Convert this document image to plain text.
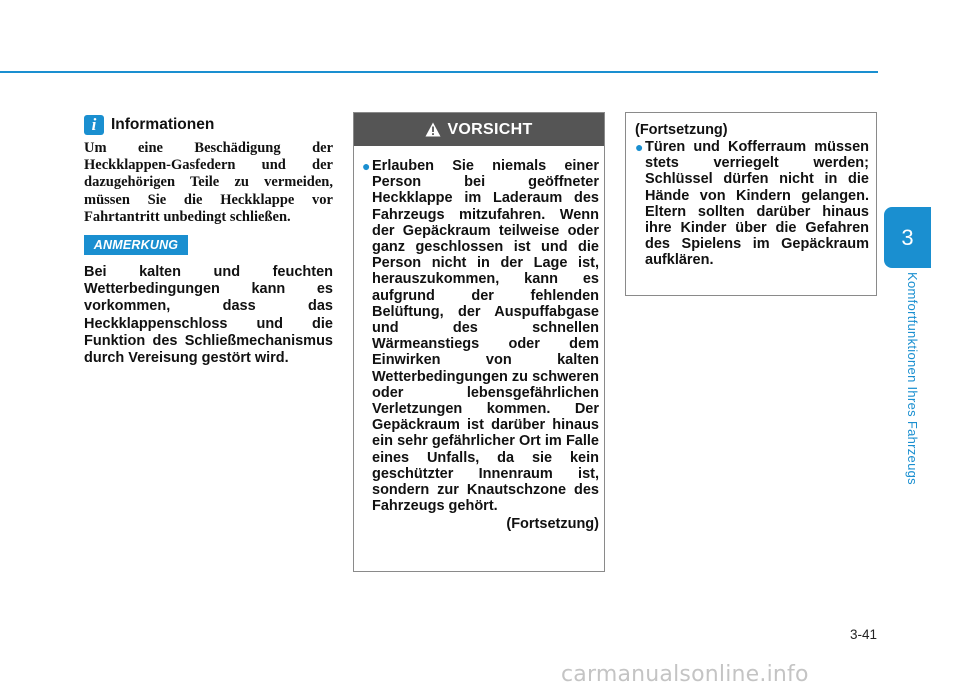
i Informationen

Um eine Beschädigung der Heckklappen-Gasfedern und der dazugehörigen Teile zu vermeiden, müssen Sie die Heckklappe vor Fahrtantritt unbedingt schließen.

ANMERKUNG

Bei kalten und feuchten Wetterbedingungen kann es vorkommen, dass das Heckklappenschloss und die Funktion des Schließmechanismus durch Vereisung gestört wird.

VORSICHT
● Erlauben Sie niemals einer Person bei geöffneter Heckklappe im Laderaum des Fahrzeugs mitzufahren. Wenn der Gepäckraum teilweise oder ganz geschlossen ist und die Person nicht in der Lage ist, herauszukommen, kann es aufgrund der fehlenden Belüftung, der Auspuffabgase und des schnellen Wärmeanstiegs oder dem Einwirken von kalten Wetterbedingungen zu schweren oder lebensgefährlichen Verletzungen kommen. Der Gepäckraum ist darüber hinaus ein sehr gefährlicher Ort im Falle eines Unfalls, da sie kein geschützter Innenraum ist, sondern zur Knautschzone des Fahrzeugs gehört.

(Fortsetzung)

(Fortsetzung)

● Türen und Kofferraum müssen stets verriegelt werden; Schlüssel dürfen nicht in die Hände von Kindern gelangen. Eltern sollten darüber hinaus ihre Kinder über die Gefahren des Spielens im Gepäckraum aufklären.

3
Komfortfunktionen Ihres Fahrzeugs
3-41
carmanualsonline.info
